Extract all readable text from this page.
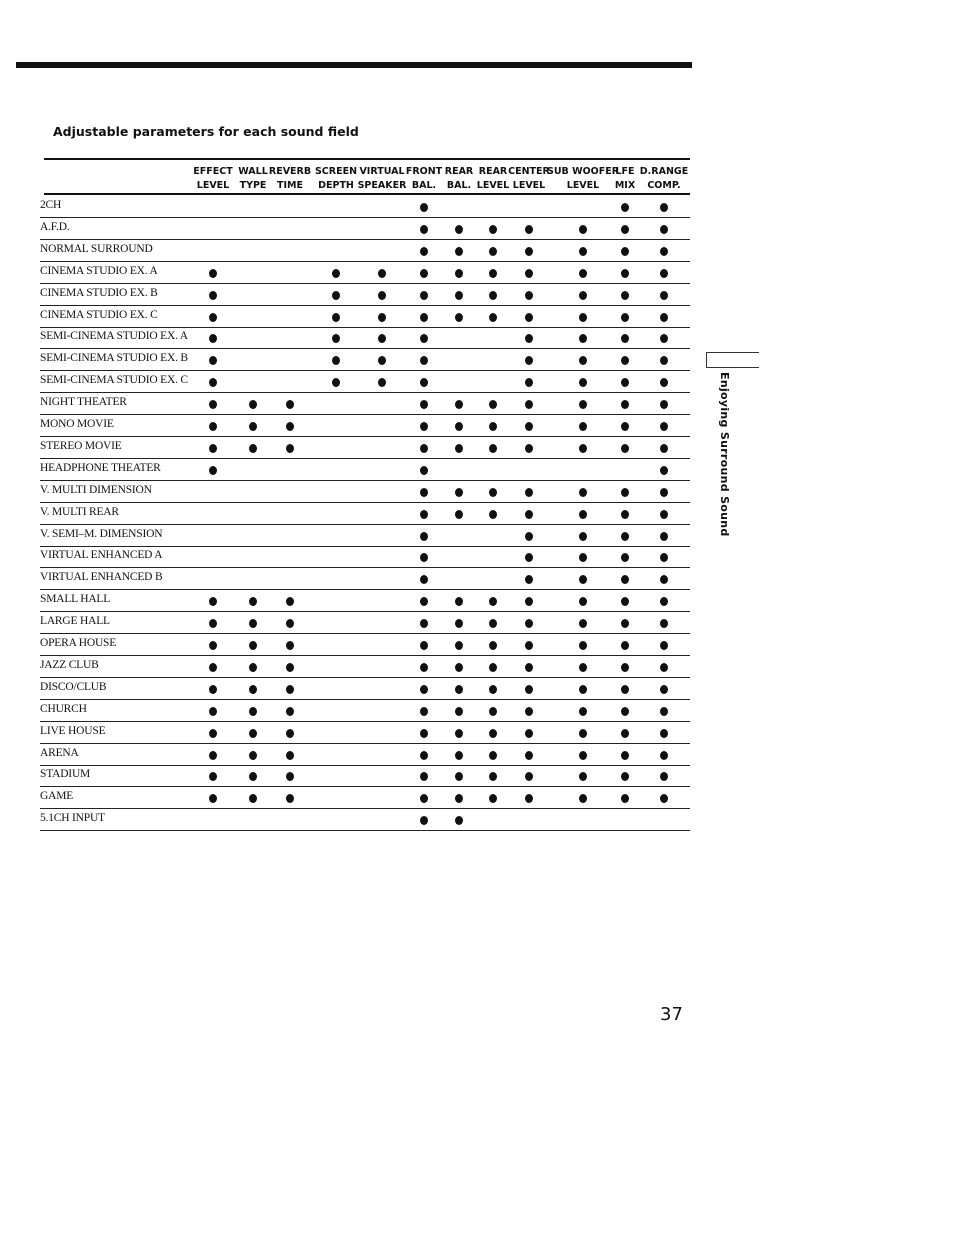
Adjustable parameters for each sound field
EFFECT
LEVEL
WALL
TYPE
REVERB
TIME
SCREEN
DEPTH
VIRTUAL
SPEAKER
FRONT
BAL.
REAR
BAL.
REAR
LEVEL
CENTER
LEVEL
SUB WOOFER
LEVEL
LFE
MIX
D.RANGE
COMP.
2CH
A.F.D.
NORMAL SURROUND
CINEMA STUDIO EX. A
CINEMA STUDIO EX. B
CINEMA STUDIO EX. C
SEMI-CINEMA STUDIO EX. A
SEMI-CINEMA STUDIO EX. B
SEMI-CINEMA STUDIO EX. C
NIGHT THEATER
MONO MOVIE
STEREO MOVIE
HEADPHONE THEATER
V. MULTI DIMENSION
V. MULTI REAR
V. SEMI–M. DIMENSION
VIRTUAL ENHANCED A
VIRTUAL ENHANCED B
SMALL HALL
LARGE HALL
OPERA HOUSE
JAZZ CLUB
DISCO/CLUB
CHURCH
LIVE HOUSE
ARENA
STADIUM
GAME
5.1CH INPUT
Enjoying Surround Sound
37
